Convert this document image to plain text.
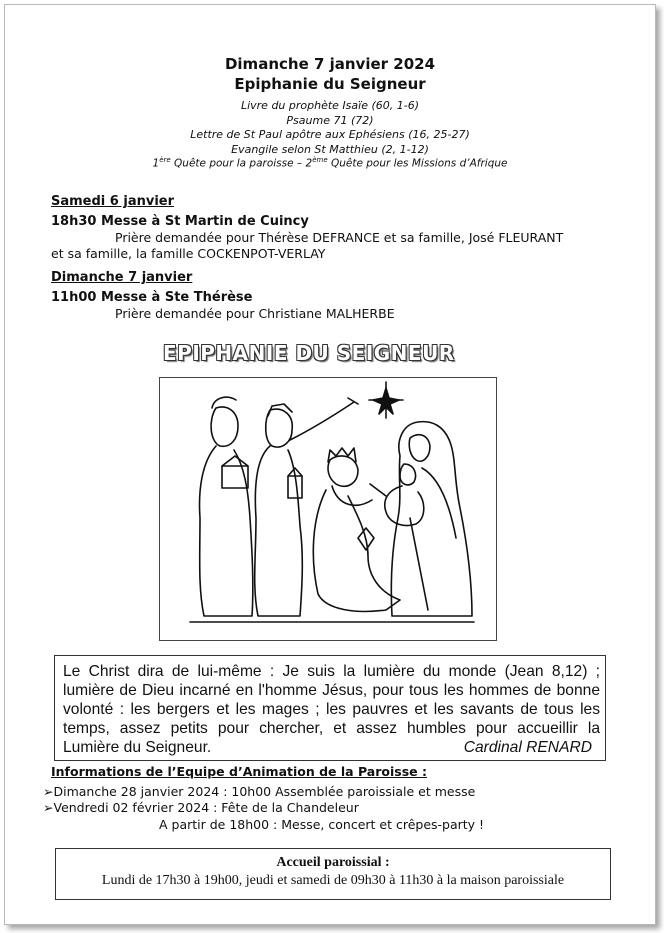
Dimanche 7 janvier 2024
Epiphanie du Seigneur
Livre du prophète Isaïe (60, 1-6)
Psaume 71 (72)
Lettre de St Paul apôtre aux Ephésiens (16, 25-27)
Evangile selon St Matthieu (2, 1-12)
1ère Quête pour la paroisse – 2ème Quête pour les Missions d’Afrique
Samedi 6 janvier
18h30 Messe à St Martin de Cuincy
Prière demandée pour Thérèse DEFRANCE et sa famille, José FLEURANT
et sa famille, la famille COCKENPOT-VERLAY
Dimanche 7 janvier
11h00 Messe à Ste Thérèse
Prière demandée pour Christiane MALHERBE
EPIPHANIE DU SEIGNEUR
Le Christ dira de lui-même : Je suis la lumière du monde (Jean 8,12) ; lumière de Dieu incarné en l'homme Jésus, pour tous les hommes de bonne volonté : les bergers et les mages ; les pauvres et les savants de tous les temps, assez petits pour chercher, et assez humbles pour accueillir la Lumière du Seigneur.	Cardinal RENARD
Informations de l’Equipe d’Animation de la Paroisse :
➢Dimanche 28 janvier 2024 : 10h00 Assemblée paroissiale et messe
➢Vendredi 02 février 2024 : Fête de la Chandeleur
A partir de 18h00 : Messe, concert et crêpes-party !
Accueil paroissial :
Lundi de 17h30 à 19h00, jeudi et samedi de 09h30 à 11h30 à la maison paroissiale
